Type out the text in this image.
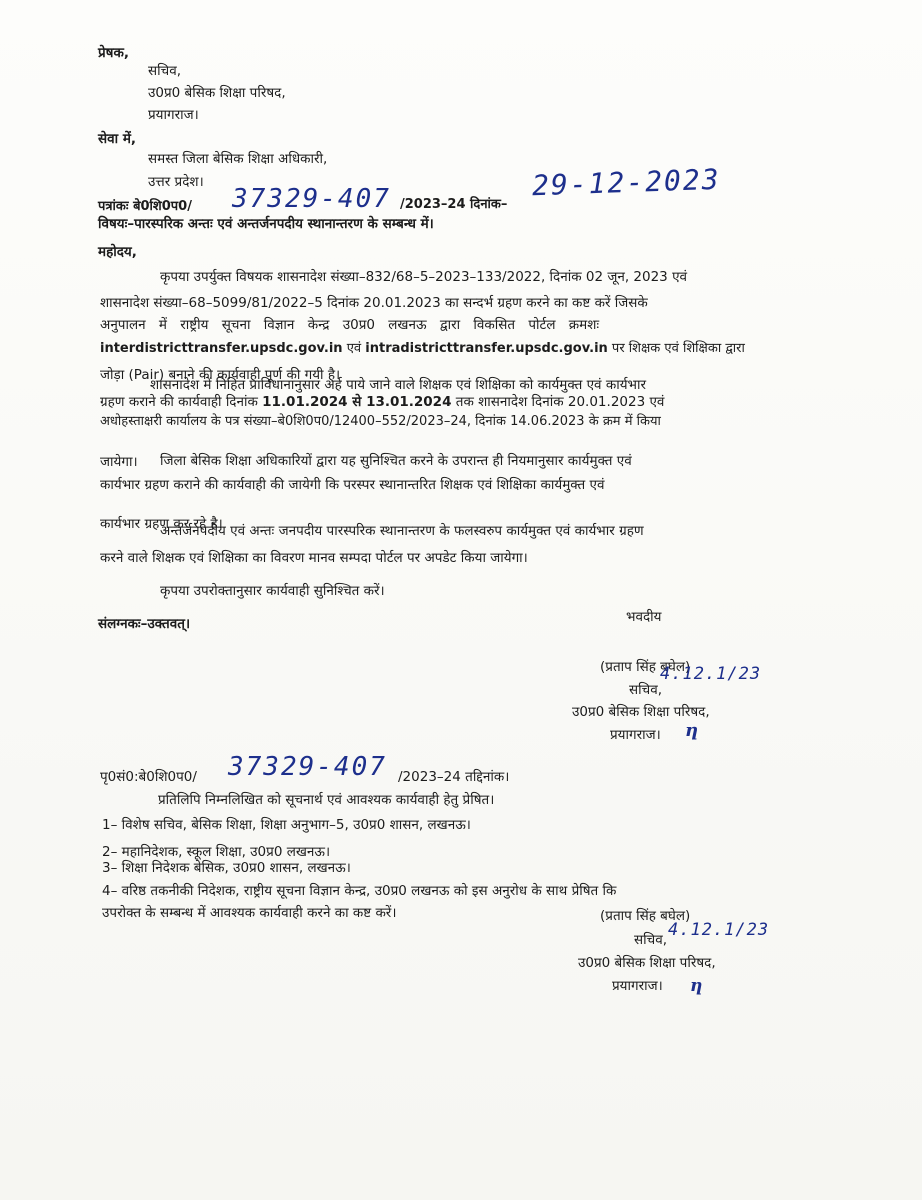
प्रेषक,
सचिव,
उ0प्र0 बेसिक शिक्षा परिषद,
प्रयागराज।
सेवा में,
समस्त जिला बेसिक शिक्षा अधिकारी,
उत्तर प्रदेश।
पत्रांकः बे0शि0प0/ 37329-407 /2023–24 दिनांक–
29-12-2023
विषयः–पारस्परिक अन्तः एवं अन्तर्जनपदीय स्थानान्तरण के सम्बन्ध में।
महोदय,
कृपया उपर्युक्त विषयक शासनादेश संख्या–832/68–5–2023–133/2022, दिनांक 02 जून, 2023 एवं
शासनादेश संख्या–68–5099/81/2022–5 दिनांक 20.01.2023 का सन्दर्भ ग्रहण करने का कष्ट करें जिसके
अनुपालन में राष्ट्रीय सूचना विज्ञान केन्द्र उ0प्र0 लखनऊ द्वारा विकसित पोर्टल क्रमशः
interdistricttransfer.upsdc.gov.in एवं intradistricttransfer.upsdc.gov.in पर शिक्षक एवं शिक्षिका द्वारा
जोड़ा (Pair) बनाने की कार्यवाही पूर्ण की गयी है।
शासनादेश में निहित प्राविधानानुसार अर्ह पाये जाने वाले शिक्षक एवं शिक्षिका को कार्यमुक्त एवं कार्यभार
ग्रहण कराने की कार्यवाही दिनांक 11.01.2024 से 13.01.2024 तक शासनादेश दिनांक 20.01.2023 एवं
अधोहस्ताक्षरी कार्यालय के पत्र संख्या–बे0शि0प0/12400–552/2023–24, दिनांक 14.06.2023 के क्रम में किया
जायेगा। जिला बेसिक शिक्षा अधिकारियों द्वारा यह सुनिश्चित करने के उपरान्त ही नियमानुसार कार्यमुक्त एवं
कार्यभार ग्रहण कराने की कार्यवाही की जायेगी कि परस्पर स्थानान्तरित शिक्षक एवं शिक्षिका कार्यमुक्त एवं
कार्यभार ग्रहण कर रहे है।
अन्तर्जनपदीय एवं अन्तः जनपदीय पारस्परिक स्थानान्तरण के फलस्वरुप कार्यमुक्त एवं कार्यभार ग्रहण
करने वाले शिक्षक एवं शिक्षिका का विवरण मानव सम्पदा पोर्टल पर अपडेट किया जायेगा।
कृपया उपरोक्तानुसार कार्यवाही सुनिश्चित करें।
संलग्नकः–उक्तवत्।	भवदीय
(प्रताप सिंह बघेल)
सचिव,
4.12.1/23
उ0प्र0 बेसिक शिक्षा परिषद,
प्रयागराज। ƞ
पृ0सं0:बे0शि0प0/ 37329-407 /2023–24 तद्दिनांक।
प्रतिलिपि निम्नलिखित को सूचनार्थ एवं आवश्यक कार्यवाही हेतु प्रेषित।
1– विशेष सचिव, बेसिक शिक्षा, शिक्षा अनुभाग–5, उ0प्र0 शासन, लखनऊ।
2– महानिदेशक, स्कूल शिक्षा, उ0प्र0 लखनऊ।
3– शिक्षा निदेशक बेसिक, उ0प्र0 शासन, लखनऊ।
4– वरिष्ठ तकनीकी निदेशक, राष्ट्रीय सूचना विज्ञान केन्द्र, उ0प्र0 लखनऊ को इस अनुरोध के साथ प्रेषित कि
उपरोक्त के सम्बन्ध में आवश्यक कार्यवाही करने का कष्ट करें।	(प्रताप सिंह बघेल)
सचिव, 4.12.1/23
उ0प्र0 बेसिक शिक्षा परिषद,
प्रयागराज। ƞ
